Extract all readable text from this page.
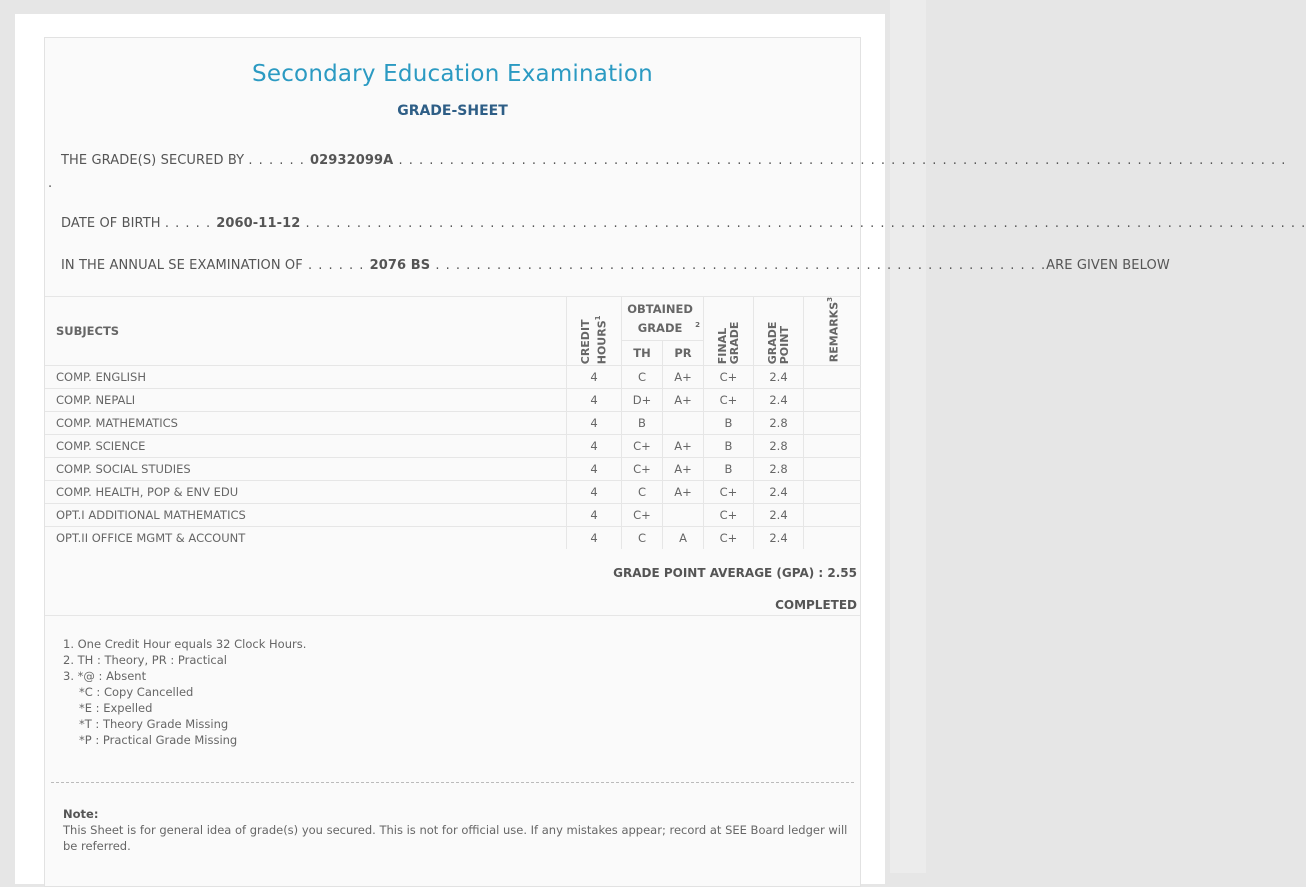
Secondary Education Examination
GRADE-SHEET
THE GRADE(S) SECURED BY . . . . . . 02932099A . . . . . . . . . . . . . . . . . . . . . . . . . . . . . . . . . . . . . . . . . . . . . . . . . . . . . . . . . . . . . . . . . . . . . . . . . . . . . . . . . . . . . . .
.
DATE OF BIRTH . . . . . 2060-11-12 . . . . . . . . . . . . . . . . . . . . . . . . . . . . . . . . . . . . . . . . . . . . . . . . . . . . . . . . . . . . . . . . . . . . . . . . . . . . . . . . . . . . . . . . . . . . . . . . . .
IN THE ANNUAL SE EXAMINATION OF . . . . . . 2076 BS . . . . . . . . . . . . . . . . . . . . . . . . . . . . . . . . . . . . . . . . . . . . . . . . . . . . . . . . . . . . ARE GIVEN BELOW
SUBJECTS	CREDIT HOURS$^1$	OBTAINED GRADE $^2$		FINAL GRADE	GRADE POINT	REMARKS$^3$
		TH	PR			
COMP. ENGLISH	4	C	A+	C+	2.4	
COMP. NEPALI	4	D+	A+	C+	2.4	
COMP. MATHEMATICS	4	B		B	2.8	
COMP. SCIENCE	4	C+	A+	B	2.8	
COMP. SOCIAL STUDIES	4	C+	A+	B	2.8	
COMP. HEALTH, POP & ENV EDU	4	C	A+	C+	2.4	
OPT.I ADDITIONAL MATHEMATICS	4	C+		C+	2.4	
OPT.II OFFICE MGMT & ACCOUNT	4	C	A	C+	2.4	
GRADE POINT AVERAGE (GPA) : 2.55
COMPLETED
1. One Credit Hour equals 32 Clock Hours.
2. TH : Theory, PR : Practical
3. *@ : Absent
*C : Copy Cancelled
*E : Expelled
*T : Theory Grade Missing
*P : Practical Grade Missing
Note:
This Sheet is for general idea of grade(s) you secured. This is not for official use. If any mistakes appear; record at SEE Board ledger will be referred.
